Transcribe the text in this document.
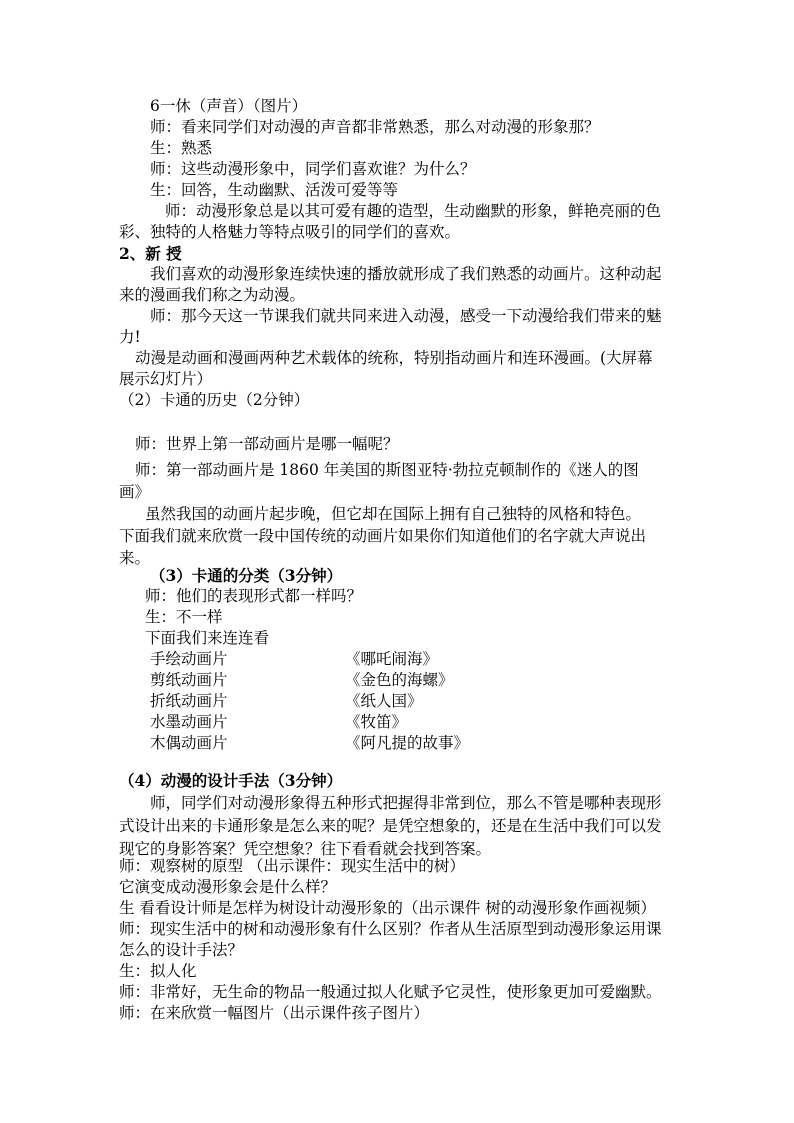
6一休（声音）（图片）
师：看来同学们对动漫的声音都非常熟悉，那么对动漫的形象那？
生：熟悉
师：这些动漫形象中，同学们喜欢谁？为什么？
生：回答，生动幽默、活泼可爱等等
师：动漫形象总是以其可爱有趣的造型，生动幽默的形象，鲜艳亮丽的色
彩、独特的人格魅力等特点吸引的同学们的喜欢。
2、新 授
我们喜欢的动漫形象连续快速的播放就形成了我们熟悉的动画片。这种动起
来的漫画我们称之为动漫。
师：那今天这一节课我们就共同来进入动漫，感受一下动漫给我们带来的魅
力!
动漫是动画和漫画两种艺术载体的统称，特别指动画片和连环漫画。(大屏幕
展示幻灯片）
（2）卡通的历史（2分钟）
师：世界上第一部动画片是哪一幅呢？
师：第一部动画片是 1860 年美国的斯图亚特·勃拉克顿制作的《迷人的图
画》
虽然我国的动画片起步晚，但它却在国际上拥有自己独特的风格和特色。
下面我们就来欣赏一段中国传统的动画片如果你们知道他们的名字就大声说出
来。
（3）卡通的分类（3分钟）
师：他们的表现形式都一样吗？
生：不一样
下面我们来连连看
手绘动画片	《哪吒闹海》
剪纸动画片	《金色的海螺》
折纸动画片	《纸人国》
水墨动画片	《牧笛》
木偶动画片	《阿凡提的故事》
（4）动漫的设计手法（3分钟）
师，同学们对动漫形象得五种形式把握得非常到位，那么不管是哪种表现形
式设计出来的卡通形象是怎么来的呢？是凭空想象的，还是在生活中我们可以发
现它的身影答案？凭空想象？往下看看就会找到答案。
师：观察树的原型 （出示课件：现实生活中的树）
它演变成动漫形象会是什么样？
生 看看设计师是怎样为树设计动漫形象的（出示课件 树的动漫形象作画视频）
师：现实生活中的树和动漫形象有什么区别？作者从生活原型到动漫形象运用课
怎么的设计手法？
生：拟人化
师：非常好，无生命的物品一般通过拟人化赋予它灵性，使形象更加可爱幽默。
师：在来欣赏一幅图片（出示课件孩子图片）
